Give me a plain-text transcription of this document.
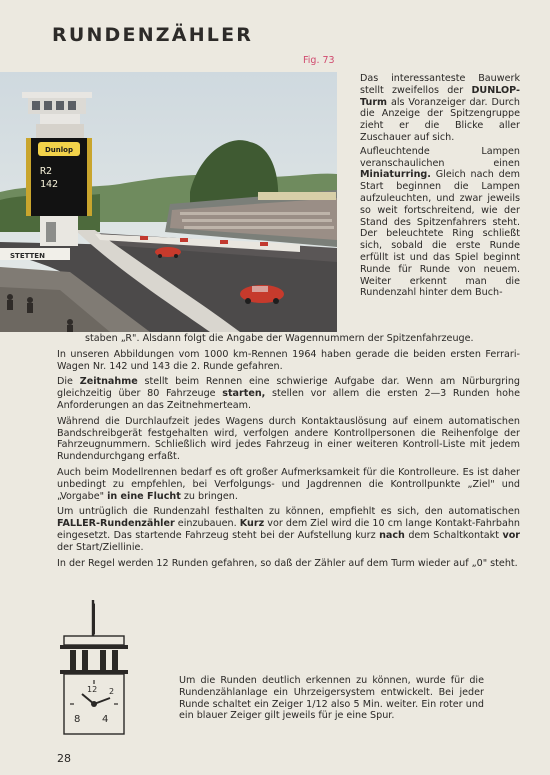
RUNDENZÄHLER
Fig. 73
STETTEN
Dunlop
R2
142

Das interessanteste Bauwerk stellt zweifellos der DUNLOP-Turm als Voranzeiger dar. Durch die Anzeige der Spitzengruppe zieht er die Blicke aller Zuschauer auf sich.

Aufleuchtende Lampen veranschaulichen einen Miniaturring. Gleich nach dem Start beginnen die Lampen aufzuleuchten, und zwar jeweils so weit fortschreitend, wie der Stand des Spitzenfahrers steht. Der beleuchtete Ring schließt sich, sobald die erste Runde erfüllt ist und das Spiel beginnt Runde für Runde von neuem. Weiter erkennt man die Rundenzahl hinter dem Buch-

staben „R". Alsdann folgt die Angabe der Wagennummern der Spitzenfahrzeuge.

In unseren Abbildungen vom 1000 km-Rennen 1964 haben gerade die beiden ersten Ferrari-Wagen Nr. 142 und 143 die 2. Runde gefahren.

Die Zeitnahme stellt beim Rennen eine schwierige Aufgabe dar. Wenn am Nürburgring gleichzeitig über 80 Fahrzeuge starten, stellen vor allem die ersten 2—3 Runden hohe Anforderungen an das Zeitnehmerteam.

Während die Durchlaufzeit jedes Wagens durch Kontaktauslösung auf einem automatischen Bandschreibgerät festgehalten wird, verfolgen andere Kontrollpersonen die Reihenfolge der Fahrzeugnummern. Schließlich wird jedes Fahrzeug in einer weiteren Kontroll-Liste mit jedem Rundendurchgang erfaßt.

Auch beim Modellrennen bedarf es oft großer Aufmerksamkeit für die Kontrolleure. Es ist daher unbedingt zu empfehlen, bei Verfolgungs- und Jagdrennen die Kontrollpunkte „Ziel" und „Vorgabe" in eine Flucht zu bringen.

Um untrüglich die Rundenzahl festhalten zu können, empfiehlt es sich, den automatischen FALLER-Rundenzähler einzubauen. Kurz vor dem Ziel wird die 10 cm lange Kontakt-Fahrbahn eingesetzt. Das startende Fahrzeug steht bei der Aufstellung kurz nach dem Schaltkontakt vor der Start/Ziellinie.

In der Regel werden 12 Runden gefahren, so daß der Zähler auf dem Turm wieder auf „0" steht.

12 2
8 4
Um die Runden deutlich erkennen zu können, wurde für die Rundenzählanlage ein Uhrzeigersystem entwickelt. Bei jeder Runde schaltet ein Zeiger 1/12 also 5 Min. weiter. Ein roter und ein blauer Zeiger gilt jeweils für je eine Spur.
28
